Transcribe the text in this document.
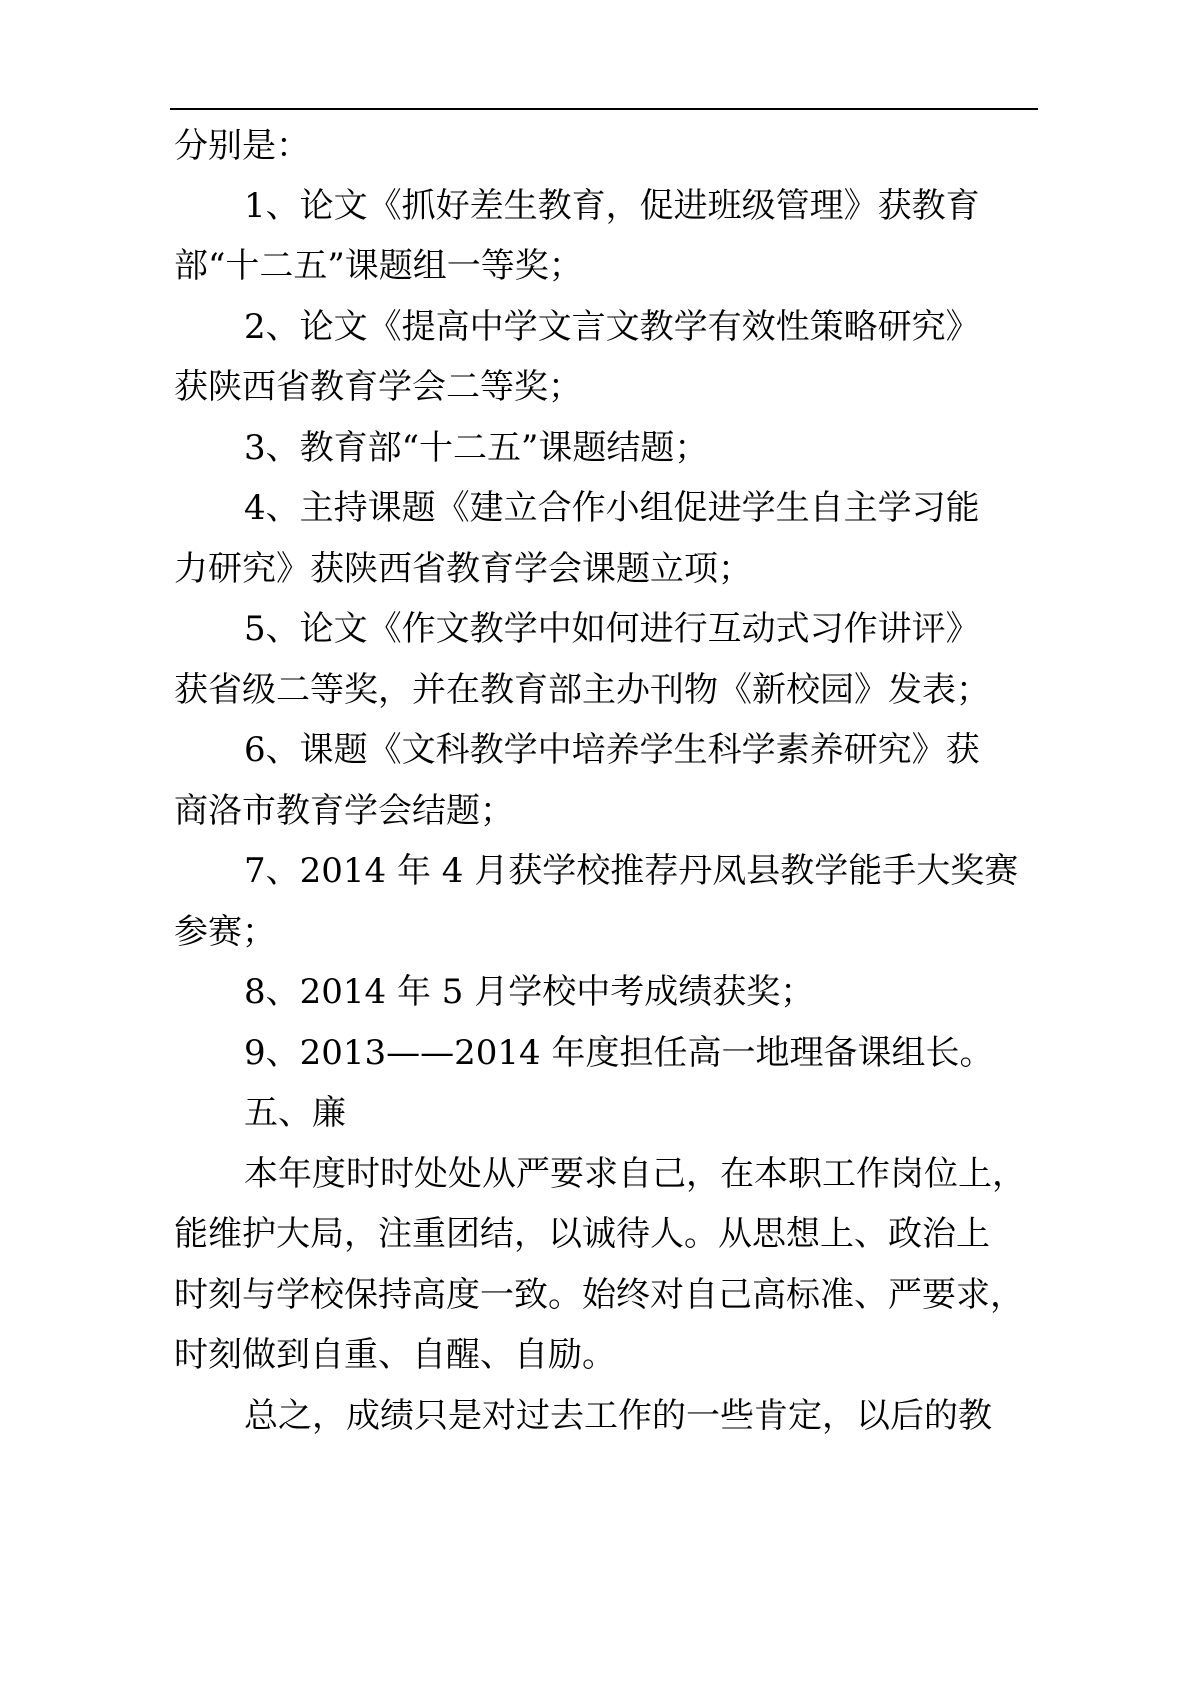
分别是：
1、论文《抓好差生教育，促进班级管理》获教育
部“十二五”课题组一等奖；
2、论文《提高中学文言文教学有效性策略研究》
获陕西省教育学会二等奖；
3、教育部“十二五”课题结题；
4、主持课题《建立合作小组促进学生自主学习能
力研究》获陕西省教育学会课题立项；
5、论文《作文教学中如何进行互动式习作讲评》
获省级二等奖，并在教育部主办刊物《新校园》发表；
6、课题《文科教学中培养学生科学素养研究》获
商洛市教育学会结题；
7、2014 年 4 月获学校推荐丹凤县教学能手大奖赛
参赛；
8、2014 年 5 月学校中考成绩获奖；
9、2013——2014 年度担任高一地理备课组长。
五、廉
本年度时时处处从严要求自己，在本职工作岗位上，
能维护大局，注重团结，以诚待人。从思想上、政治上
时刻与学校保持高度一致。始终对自己高标准、严要求，
时刻做到自重、自醒、自励。
总之，成绩只是对过去工作的一些肯定，以后的教
